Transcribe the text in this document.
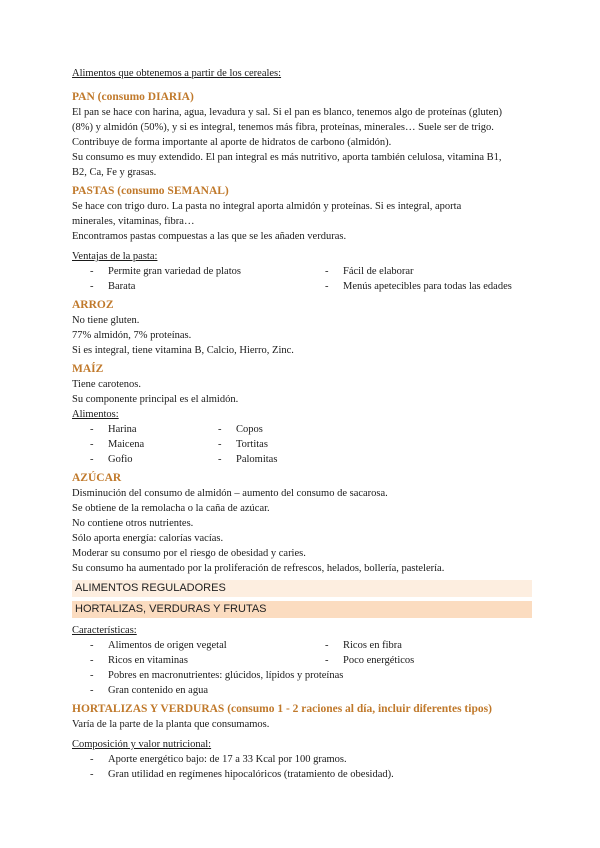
Alimentos que obtenemos a partir de los cereales:
PAN (consumo DIARIA)
El pan se hace con harina, agua, levadura y sal. Si el pan es blanco, tenemos algo de proteínas (gluten)
(8%) y almidón (50%), y si es integral, tenemos más fibra, proteínas, minerales… Suele ser de trigo.
Contribuye de forma importante al aporte de hidratos de carbono (almidón).
Su consumo es muy extendido. El pan integral es más nutritivo, aporta también celulosa, vitamina B1,
B2, Ca, Fe y grasas.
PASTAS (consumo SEMANAL)
Se hace con trigo duro. La pasta no integral aporta almidón y proteínas. Si es integral, aporta
minerales, vitaminas, fibra…
Encontramos pastas compuestas a las que se les añaden verduras.
Ventajas de la pasta:
- Permite gran variedad de platos	- Fácil de elaborar
- Barata	- Menús apetecibles para todas las edades
ARROZ
No tiene gluten.
77% almidón, 7% proteínas.
Si es integral, tiene vitamina B, Calcio, Hierro, Zinc.
MAÍZ
Tiene carotenos.
Su componente principal es el almidón.
Alimentos:
- Harina	- Copos
- Maicena	- Tortitas
- Gofio	- Palomitas
AZÚCAR
Disminución del consumo de almidón – aumento del consumo de sacarosa.
Se obtiene de la remolacha o la caña de azúcar.
No contiene otros nutrientes.
Sólo aporta energía: calorías vacías.
Moderar su consumo por el riesgo de obesidad y caries.
Su consumo ha aumentado por la proliferación de refrescos, helados, bollería, pastelería.
ALIMENTOS REGULADORES
HORTALIZAS, VERDURAS Y FRUTAS
Características:
- Alimentos de origen vegetal	- Ricos en fibra
- Ricos en vitaminas	- Poco energéticos
- Pobres en macronutrientes: glúcidos, lípidos y proteínas
- Gran contenido en agua
HORTALIZAS Y VERDURAS (consumo 1 - 2 raciones al día, incluir diferentes tipos)
Varía de la parte de la planta que consumamos.
Composición y valor nutricional:
- Aporte energético bajo: de 17 a 33 Kcal por 100 gramos.
- Gran utilidad en regímenes hipocalóricos (tratamiento de obesidad).
